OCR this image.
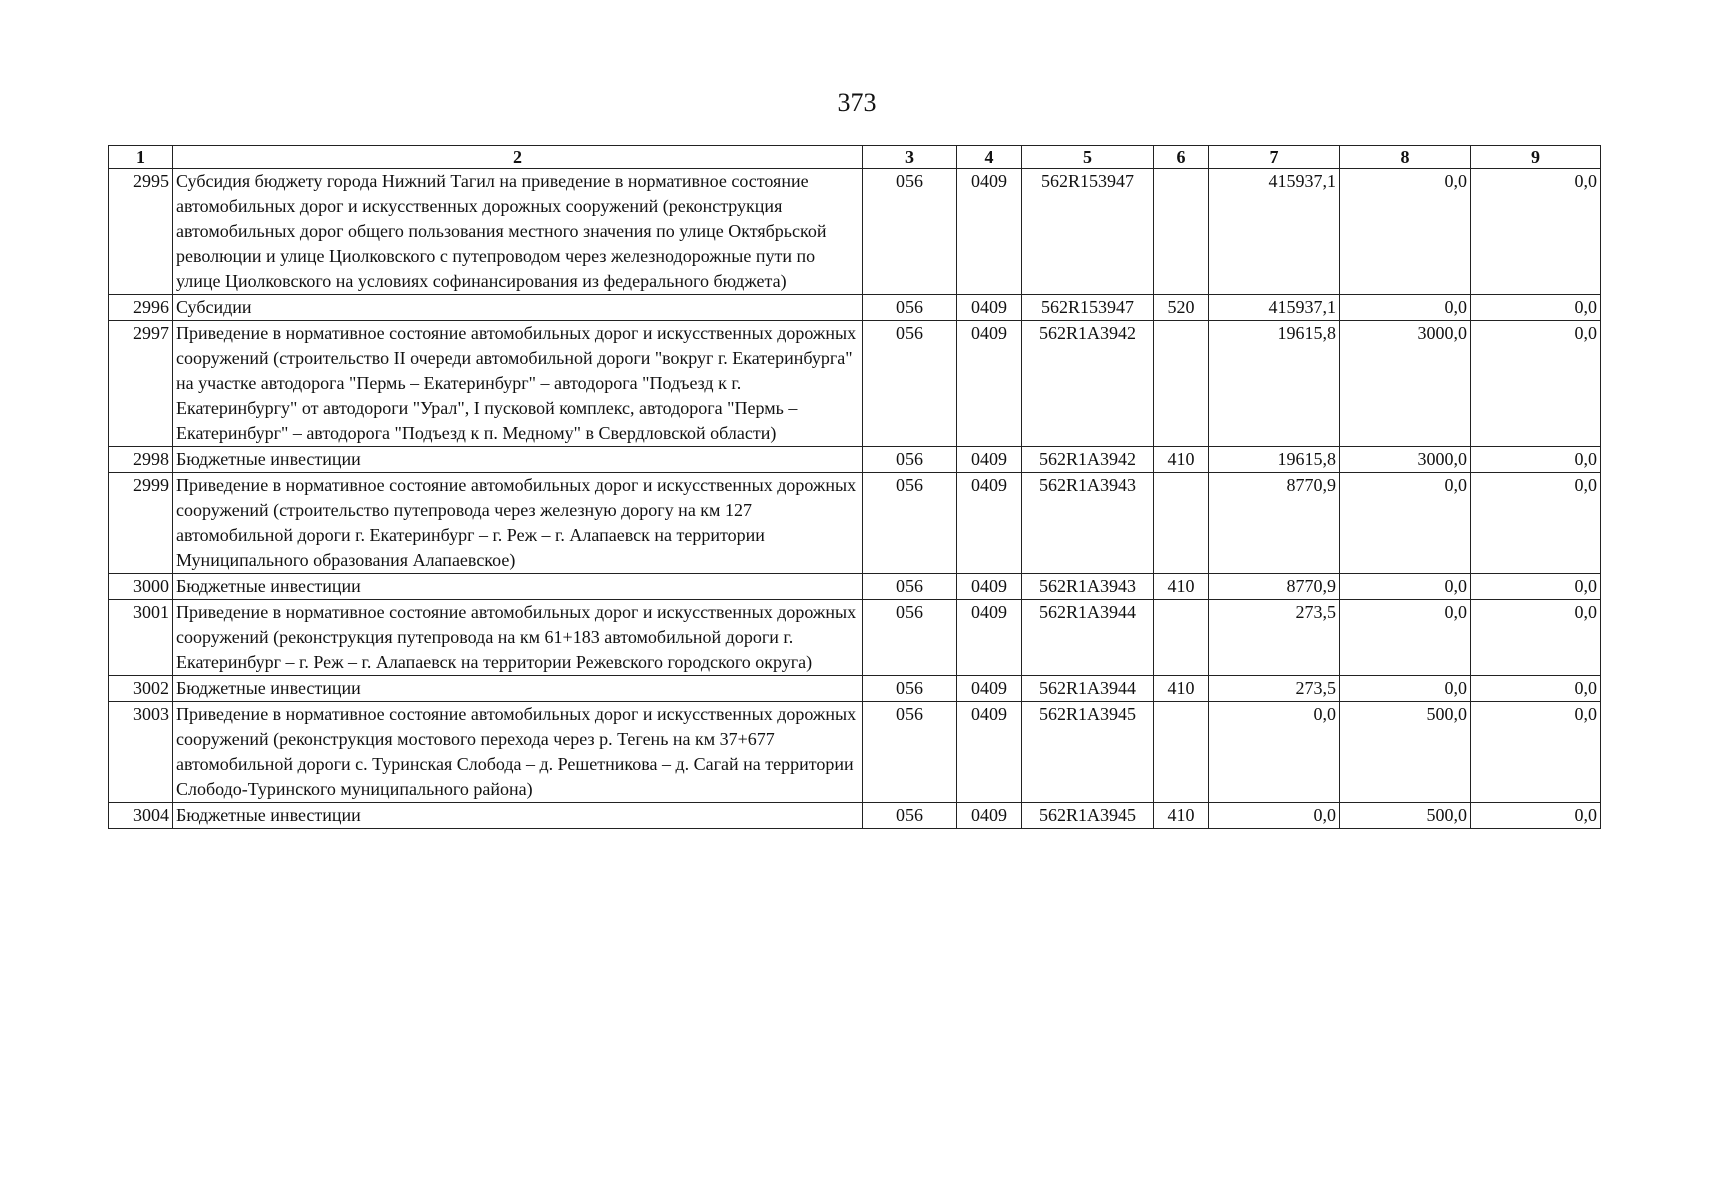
373
1	2	3	4	5	6	7	8	9
2995	Субсидия бюджету города Нижний Тагил на приведение в нормативное состояние автомобильных дорог и искусственных дорожных сооружений (реконструкция автомобильных дорог общего пользования местного значения по улице Октябрьской революции и улице Циолковского с путепроводом через железнодорожные пути по улице Циолковского на условиях софинансирования из федерального бюджета)	056	0409	562R153947		415937,1	0,0	0,0
2996	Субсидии	056	0409	562R153947	520	415937,1	0,0	0,0
2997	Приведение в нормативное состояние автомобильных дорог и искусственных дорожных сооружений (строительство II очереди автомобильной дороги "вокруг г. Екатеринбурга" на участке автодорога "Пермь – Екатеринбург" – автодорога "Подъезд к г. Екатеринбургу" от автодороги "Урал", I пусковой комплекс, автодорога "Пермь – Екатеринбург" – автодорога "Подъезд к п. Медному" в Свердловской области)	056	0409	562R1A3942		19615,8	3000,0	0,0
2998	Бюджетные инвестиции	056	0409	562R1A3942	410	19615,8	3000,0	0,0
2999	Приведение в нормативное состояние автомобильных дорог и искусственных дорожных сооружений (строительство путепровода через железную дорогу на км 127 автомобильной дороги г. Екатеринбург – г. Реж – г. Алапаевск на территории Муниципального образования Алапаевское)	056	0409	562R1A3943		8770,9	0,0	0,0
3000	Бюджетные инвестиции	056	0409	562R1A3943	410	8770,9	0,0	0,0
3001	Приведение в нормативное состояние автомобильных дорог и искусственных дорожных сооружений (реконструкция путепровода на км 61+183 автомобильной дороги г. Екатеринбург – г. Реж – г. Алапаевск на территории Режевского городского округа)	056	0409	562R1A3944		273,5	0,0	0,0
3002	Бюджетные инвестиции	056	0409	562R1A3944	410	273,5	0,0	0,0
3003	Приведение в нормативное состояние автомобильных дорог и искусственных дорожных сооружений (реконструкция мостового перехода через р. Тегень на км 37+677 автомобильной дороги с. Туринская Слобода – д. Решетникова – д. Сагай на территории Слободо-Туринского муниципального района)	056	0409	562R1A3945		0,0	500,0	0,0
3004	Бюджетные инвестиции	056	0409	562R1A3945	410	0,0	500,0	0,0
